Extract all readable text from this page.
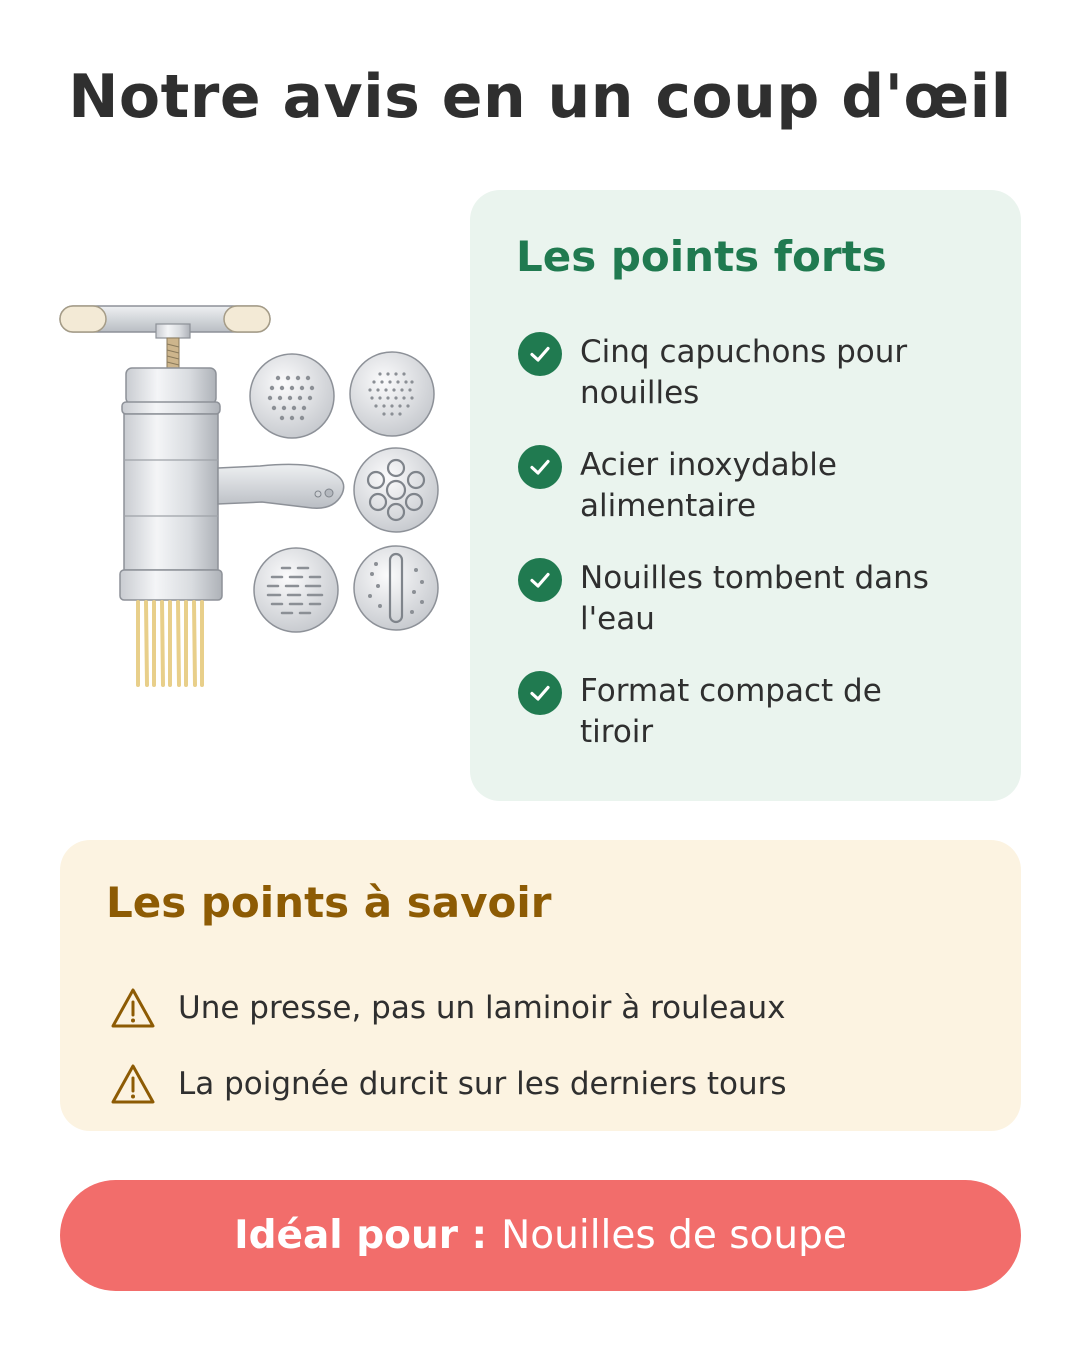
Notre avis en un coup d'œil
Les points forts
Cinq capuchons pour
nouilles
Acier inoxydable
alimentaire
Nouilles tombent dans
l'eau
Format compact de
tiroir
Les points à savoir
Une presse, pas un laminoir à rouleaux
La poignée durcit sur les derniers tours
Idéal pour : Nouilles de soupe
